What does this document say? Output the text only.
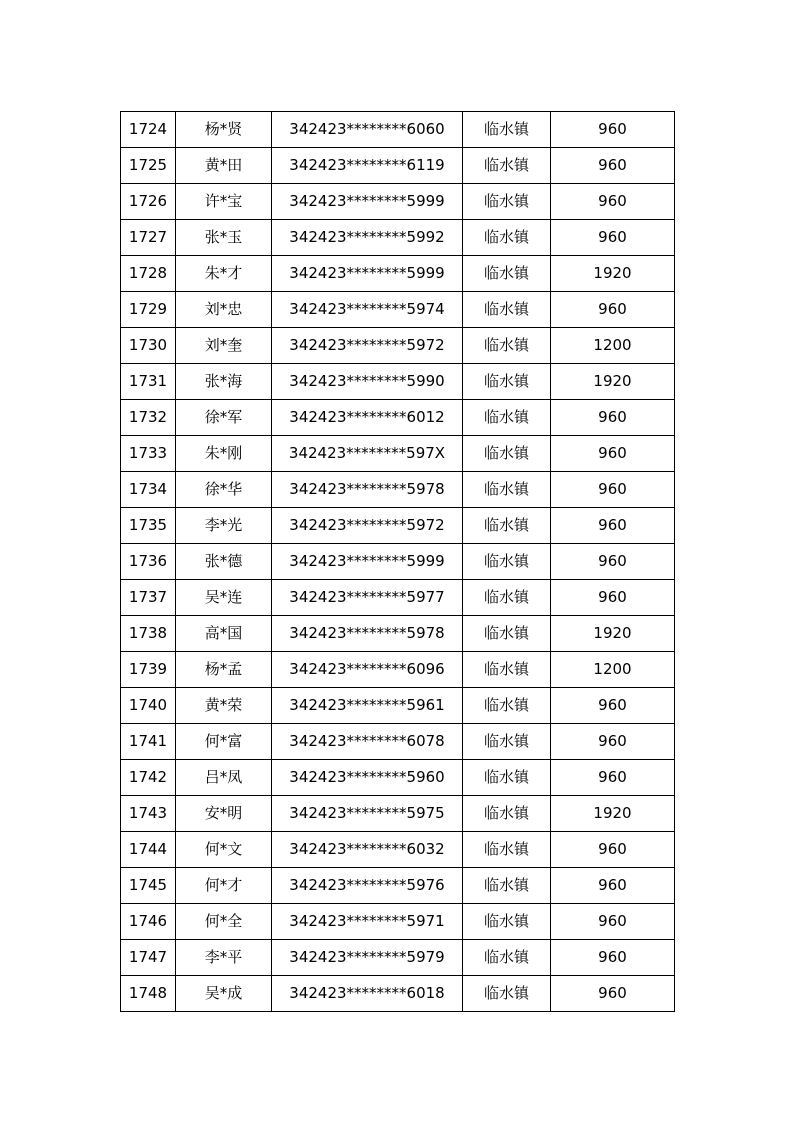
1724	杨*贤	342423********6060	临水镇	960
1725	黄*田	342423********6119	临水镇	960
1726	许*宝	342423********5999	临水镇	960
1727	张*玉	342423********5992	临水镇	960
1728	朱*才	342423********5999	临水镇	1920
1729	刘*忠	342423********5974	临水镇	960
1730	刘*奎	342423********5972	临水镇	1200
1731	张*海	342423********5990	临水镇	1920
1732	徐*军	342423********6012	临水镇	960
1733	朱*刚	342423********597X	临水镇	960
1734	徐*华	342423********5978	临水镇	960
1735	李*光	342423********5972	临水镇	960
1736	张*德	342423********5999	临水镇	960
1737	吴*连	342423********5977	临水镇	960
1738	高*国	342423********5978	临水镇	1920
1739	杨*孟	342423********6096	临水镇	1200
1740	黄*荣	342423********5961	临水镇	960
1741	何*富	342423********6078	临水镇	960
1742	吕*凤	342423********5960	临水镇	960
1743	安*明	342423********5975	临水镇	1920
1744	何*文	342423********6032	临水镇	960
1745	何*才	342423********5976	临水镇	960
1746	何*全	342423********5971	临水镇	960
1747	李*平	342423********5979	临水镇	960
1748	吴*成	342423********6018	临水镇	960
